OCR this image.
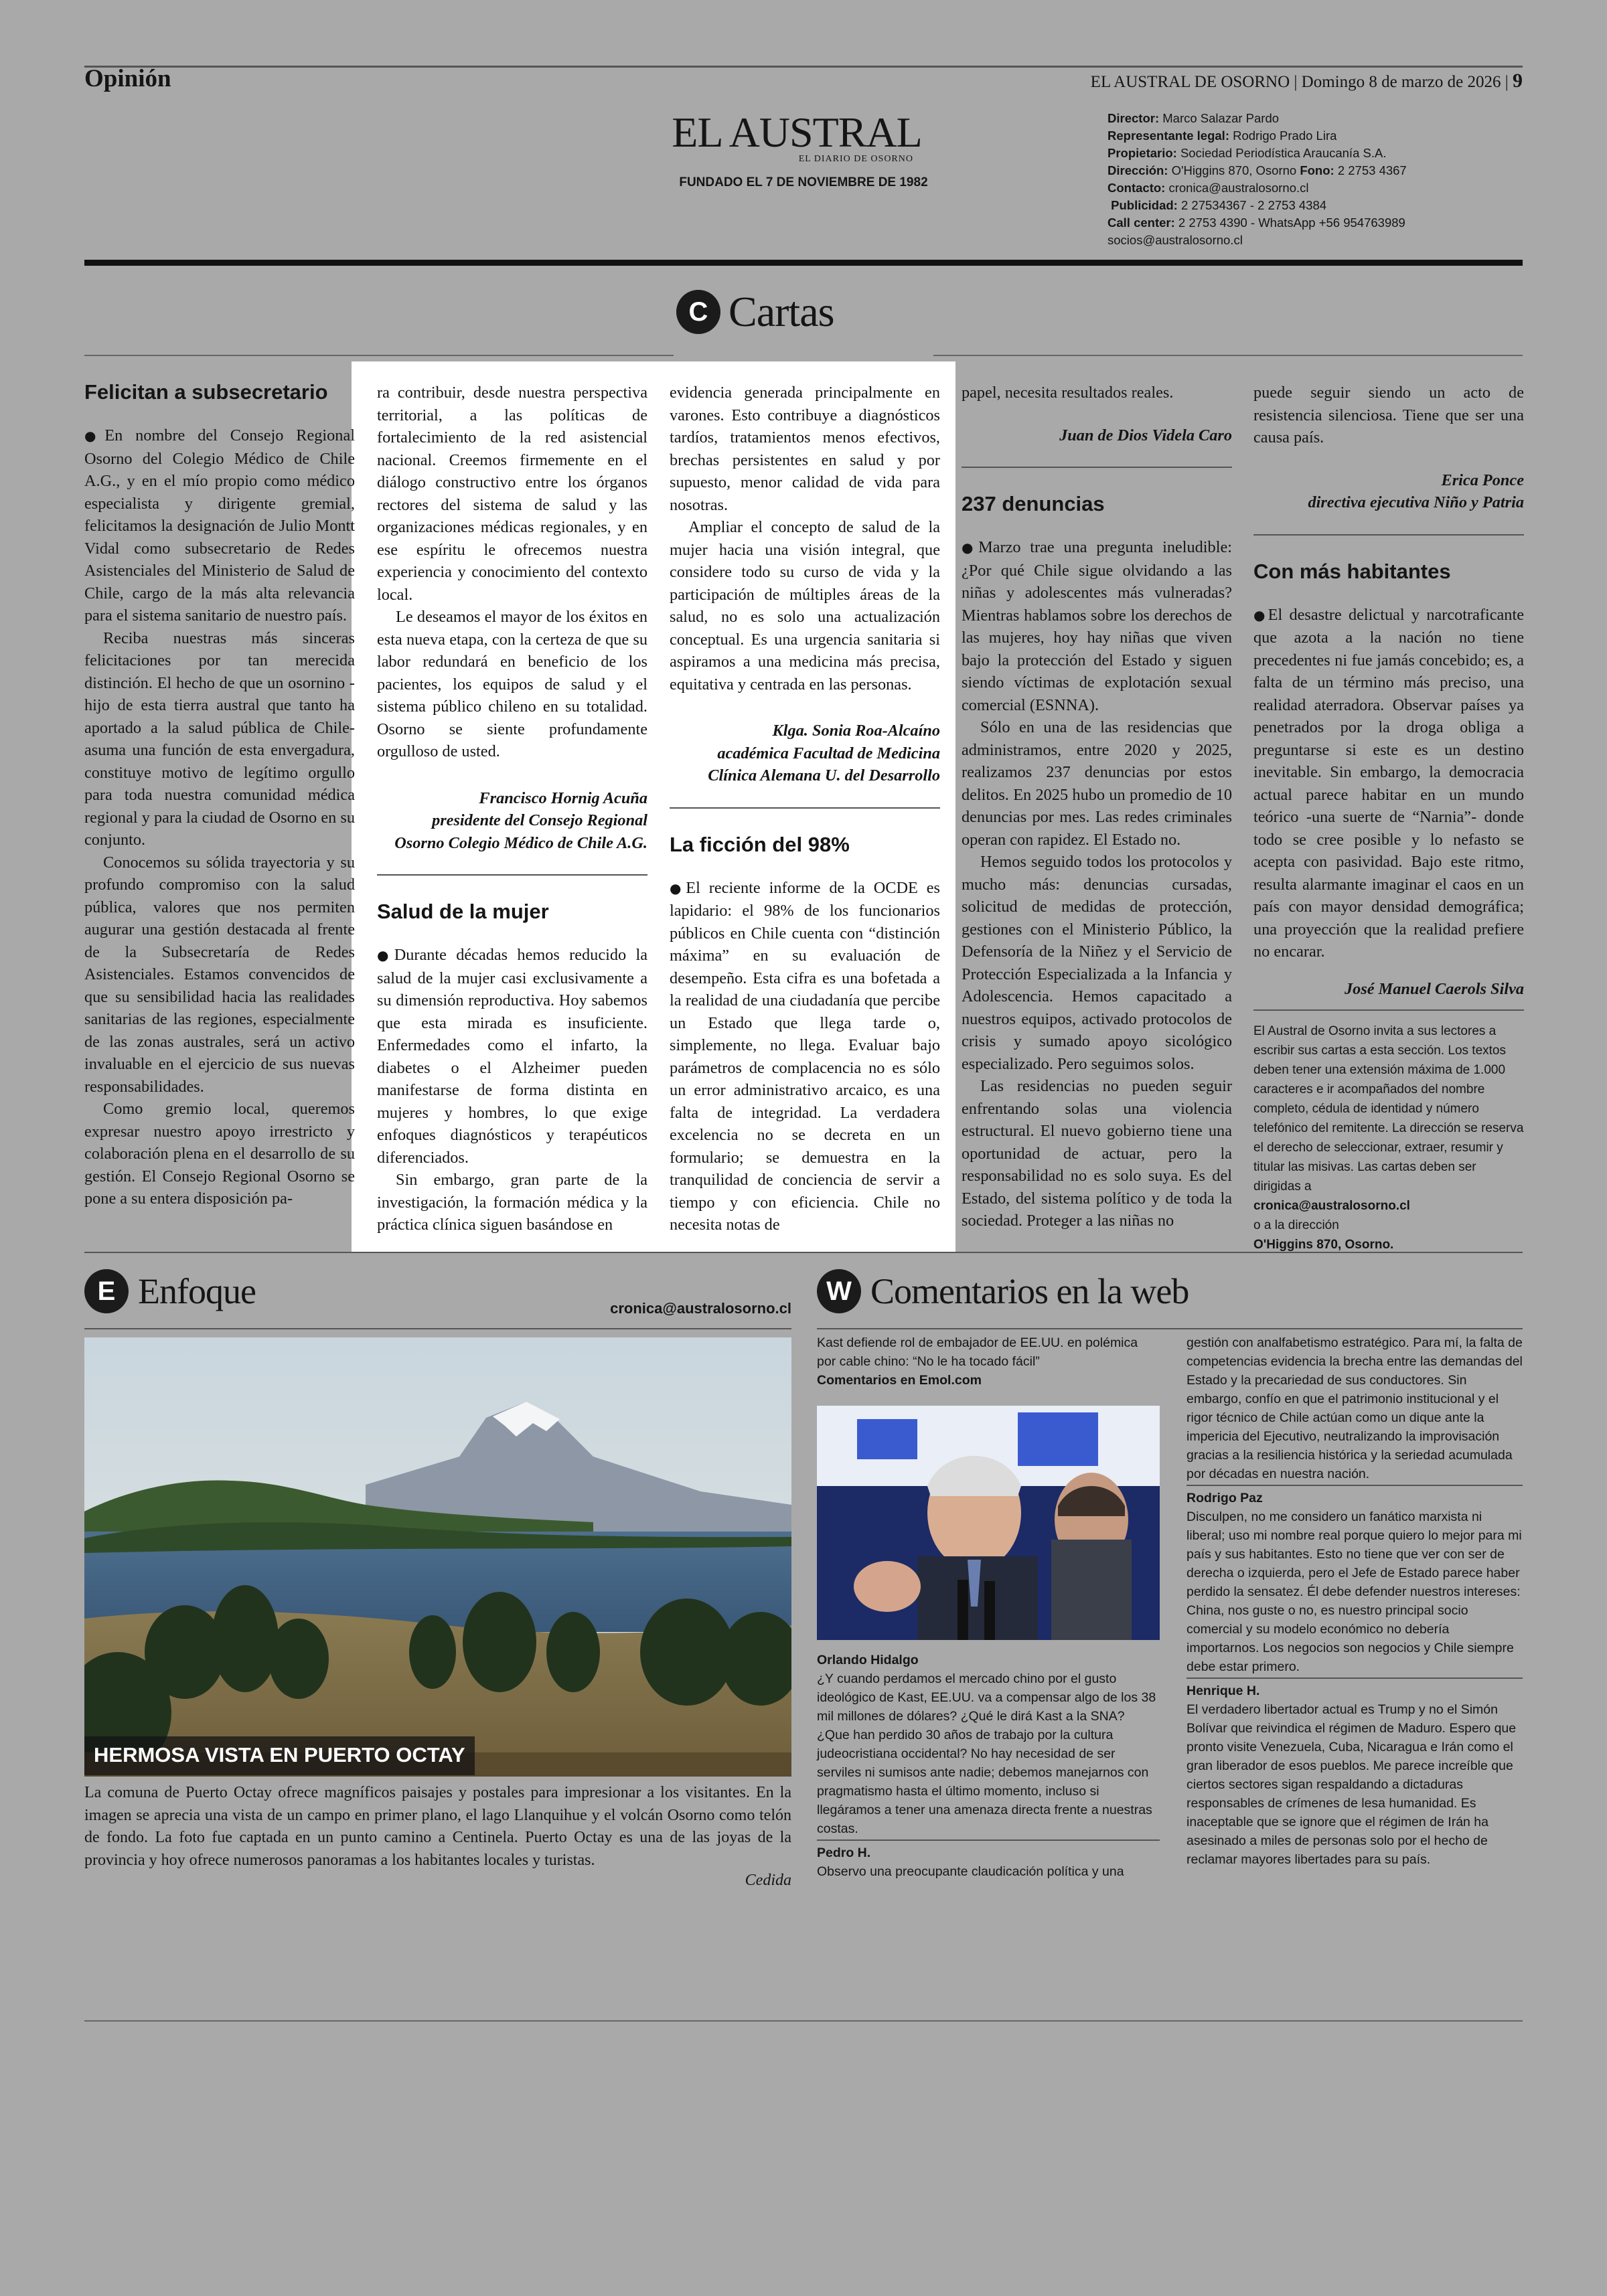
Opinión	EL AUSTRAL DE OSORNO | Domingo 8 de marzo de 2026 | 9
EL AUSTRAL
EL DIARIO DE OSORNO
FUNDADO EL 7 DE NOVIEMBRE DE 1982
Director: Marco Salazar Pardo
Representante legal: Rodrigo Prado Lira
Propietario: Sociedad Periodística Araucanía S.A.
Dirección: O'Higgins 870, Osorno Fono: 2 2753 4367
Contacto: cronica@australosorno.cl
Publicidad: 2 27534367 - 2 2753 4384
Call center: 2 2753 4390 - WhatsApp +56 954763989
socios@australosorno.cl
C Cartas
Felicitan a subsecretario

●En nombre del Consejo Regional Osorno del Colegio Médico de Chile A.G., y en el mío propio como médico especialista y dirigente gremial, felicitamos la designación de Julio Montt Vidal como subsecretario de Redes Asistenciales del Ministerio de Salud de Chile, cargo de la más alta relevancia para el sistema sanitario de nuestro país.

Reciba nuestras más sinceras felicitaciones por tan merecida distinción. El hecho de que un osornino -hijo de esta tierra austral que tanto ha aportado a la salud pública de Chile- asuma una función de esta envergadura, constituye motivo de legítimo orgullo para toda nuestra comunidad médica regional y para la ciudad de Osorno en su conjunto.

Conocemos su sólida trayectoria y su profundo compromiso con la salud pública, valores que nos permiten augurar una gestión destacada al frente de la Subsecretaría de Redes Asistenciales. Estamos convencidos de que su sensibilidad hacia las realidades sanitarias de las regiones, especialmente de las zonas australes, será un activo invaluable en el ejercicio de sus nuevas responsabilidades.

Como gremio local, queremos expresar nuestro apoyo irrestricto y colaboración plena en el desarrollo de su gestión. El Consejo Regional Osorno se pone a su entera disposición pa-

ra contribuir, desde nuestra perspectiva territorial, a las políticas de fortalecimiento de la red asistencial nacional. Creemos firmemente en el diálogo constructivo entre los órganos rectores del sistema de salud y las organizaciones médicas regionales, y en ese espíritu le ofrecemos nuestra experiencia y conocimiento del contexto local.

Le deseamos el mayor de los éxitos en esta nueva etapa, con la certeza de que su labor redundará en beneficio de los pacientes, los equipos de salud y el sistema público chileno en su totalidad. Osorno se siente profundamente orgulloso de usted.

Francisco Hornig Acuña

presidente del Consejo Regional

Osorno Colegio Médico de Chile A.G.

Salud de la mujer

●Durante décadas hemos reducido la salud de la mujer casi exclusivamente a su dimensión reproductiva. Hoy sabemos que esta mirada es insuficiente. Enfermedades como el infarto, la diabetes o el Alzheimer pueden manifestarse de forma distinta en mujeres y hombres, lo que exige enfoques diagnósticos y terapéuticos diferenciados.

Sin embargo, gran parte de la investigación, la formación médica y la práctica clínica siguen basándose en

evidencia generada principalmente en varones. Esto contribuye a diagnósticos tardíos, tratamientos menos efectivos, brechas persistentes en salud y por supuesto, menor calidad de vida para nosotras.

Ampliar el concepto de salud de la mujer hacia una visión integral, que considere todo su curso de vida y la participación de múltiples áreas de la salud, no es solo una actualización conceptual. Es una urgencia sanitaria si aspiramos a una medicina más precisa, equitativa y centrada en las personas.

Klga. Sonia Roa-Alcaíno

académica Facultad de Medicina

Clínica Alemana U. del Desarrollo

La ficción del 98%

●El reciente informe de la OCDE es lapidario: el 98% de los funcionarios públicos en Chile cuenta con “distinción máxima” en su evaluación de desempeño. Esta cifra es una bofetada a la realidad de una ciudadanía que percibe un Estado que llega tarde o, simplemente, no llega. Evaluar bajo parámetros de complacencia no es sólo un error administrativo arcaico, es una falta de integridad. La verdadera excelencia no se decreta en un formulario; se demuestra en la tranquilidad de conciencia de servir a tiempo y con eficiencia. Chile no necesita notas de

papel, necesita resultados reales.

Juan de Dios Videla Caro

237 denuncias

●Marzo trae una pregunta ineludible: ¿Por qué Chile sigue olvidando a las niñas y adolescentes más vulneradas? Mientras hablamos sobre los derechos de las mujeres, hoy hay niñas que viven bajo la protección del Estado y siguen siendo víctimas de explotación sexual comercial (ESNNA).

Sólo en una de las residencias que administramos, entre 2020 y 2025, realizamos 237 denuncias por estos delitos. En 2025 hubo un promedio de 10 denuncias por mes. Las redes criminales operan con rapidez. El Estado no.

Hemos seguido todos los protocolos y mucho más: denuncias cursadas, solicitud de medidas de protección, gestiones con el Ministerio Público, la Defensoría de la Niñez y el Servicio de Protección Especializada a la Infancia y Adolescencia. Hemos capacitado a nuestros equipos, activado protocolos de crisis y sumado apoyo sicológico especializado. Pero seguimos solos.

Las residencias no pueden seguir enfrentando solas una violencia estructural. El nuevo gobierno tiene una oportunidad de actuar, pero la responsabilidad no es solo suya. Es del Estado, del sistema político y de toda la sociedad. Proteger a las niñas no

puede seguir siendo un acto de resistencia silenciosa. Tiene que ser una causa país.

Erica Ponce

directiva ejecutiva Niño y Patria

Con más habitantes

●El desastre delictual y narcotraficante que azota a la nación no tiene precedentes ni fue jamás concebido; es, a falta de un término más preciso, una realidad aterradora. Observar países ya penetrados por la droga obliga a preguntarse si este es un destino inevitable. Sin embargo, la democracia actual parece habitar en un mundo teórico -una suerte de “Narnia”- donde todo se cree posible y lo nefasto se acepta con pasividad. Bajo este ritmo, resulta alarmante imaginar el caos en un país con mayor densidad demográfica; una proyección que la realidad prefiere no encarar.

José Manuel Caerols Silva

El Austral de Osorno invita a sus lectores a escribir sus cartas a esta sección. Los textos deben tener una extensión máxima de 1.000 caracteres e ir acompañados del nombre completo, cédula de identidad y número telefónico del remitente. La dirección se reserva el derecho de seleccionar, extraer, resumir y titular las misivas. Las cartas deben ser dirigidas a
cronica@australosorno.cl
o a la dirección
O'Higgins 870, Osorno.
E Enfoque	cronica@australosorno.cl
HERMOSA VISTA EN PUERTO OCTAY
La comuna de Puerto Octay ofrece magníficos paisajes y postales para impresionar a los visitantes. En la imagen se aprecia una vista de un campo en primer plano, el lago Llanquihue y el volcán Osorno como telón de fondo. La foto fue captada en un punto camino a Centinela. Puerto Octay es una de las joyas de la provincia y hoy ofrece numerosos panoramas a los habitantes locales y turistas.
Cedida
W Comentarios en la web
Kast defiende rol de embajador de EE.UU. en polémica por cable chino: “No le ha tocado fácil”
Comentarios en Emol.com
Orlando Hidalgo
¿Y cuando perdamos el mercado chino por el gusto ideológico de Kast, EE.UU. va a compensar algo de los 38 mil millones de dólares? ¿Qué le dirá Kast a la SNA? ¿Que han perdido 30 años de trabajo por la cultura judeocristiana occidental? No hay necesidad de ser serviles ni sumisos ante nadie; debemos manejarnos con pragmatismo hasta el último momento, incluso si llegáramos a tener una amenaza directa frente a nuestras costas.
Pedro H.
Observo una preocupante claudicación política y una
gestión con analfabetismo estratégico. Para mí, la falta de competencias evidencia la brecha entre las demandas del Estado y la precariedad de sus conductores. Sin embargo, confío en que el patrimonio institucional y el rigor técnico de Chile actúan como un dique ante la impericia del Ejecutivo, neutralizando la improvisación gracias a la resiliencia histórica y la seriedad acumulada por décadas en nuestra nación.
Rodrigo Paz
Disculpen, no me considero un fanático marxista ni liberal; uso mi nombre real porque quiero lo mejor para mi país y sus habitantes. Esto no tiene que ver con ser de derecha o izquierda, pero el Jefe de Estado parece haber perdido la sensatez. Él debe defender nuestros intereses: China, nos guste o no, es nuestro principal socio comercial y su modelo económico no debería importarnos. Los negocios son negocios y Chile siempre debe estar primero.
Henrique H.
El verdadero libertador actual es Trump y no el Simón Bolívar que reivindica el régimen de Maduro. Espero que pronto visite Venezuela, Cuba, Nicaragua e Irán como el gran liberador de esos pueblos. Me parece increíble que ciertos sectores sigan respaldando a dictaduras responsables de crímenes de lesa humanidad. Es inaceptable que se ignore que el régimen de Irán ha asesinado a miles de personas solo por el hecho de reclamar mayores libertades para su país.
